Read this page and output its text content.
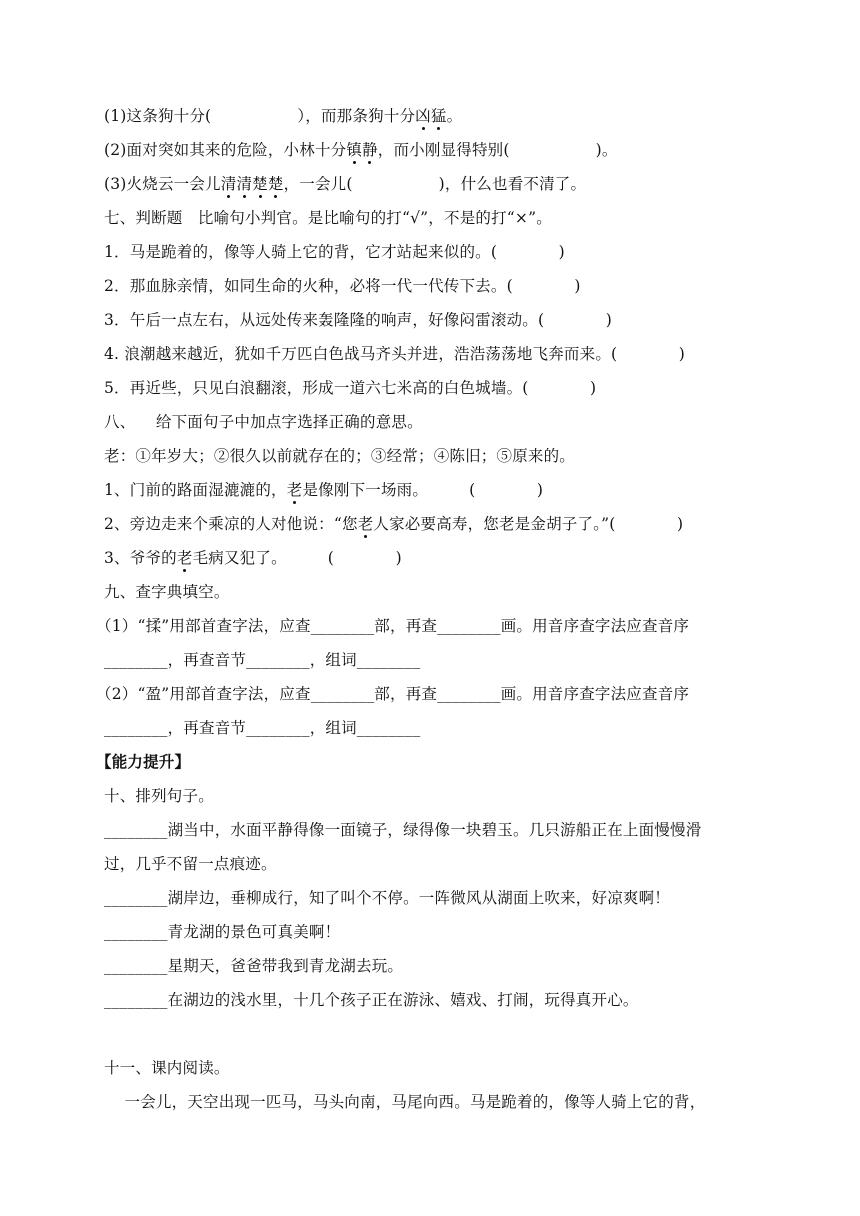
(1)这条狗十分(	），而那条狗十分凶猛。
(2)面对突如其来的危险，小林十分镇静，而小刚显得特别(	)。
(3)火烧云一会儿清清楚楚，一会儿(	)，什么也看不清了。
七、判断题   比喻句小判官。是比喻句的打“√”，不是的打“×”。
1．马是跪着的，像等人骑上它的背，它才站起来似的。(            )
2．那血脉亲情，如同生命的火种，必将一代一代传下去。(            )
3．午后一点左右，从远处传来轰隆隆的响声，好像闷雷滚动。(            )
4. 浪潮越来越近，犹如千万匹白色战马齐头并进，浩浩荡荡地飞奔而来。(            )
5．再近些，只见白浪翻滚，形成一道六七米高的白色城墙。(            )
八、    给下面句子中加点字选择正确的意思。
老：①年岁大；②很久以前就存在的；③经常；④陈旧；⑤原来的。
1、门前的路面湿漉漉的，老是像刚下一场雨。        (            )
2、旁边走来个乘凉的人对他说：“您老人家必要高寿，您老是金胡子了。”(            )
3、爷爷的老毛病又犯了。        (            )
九、查字典填空。
（1）“揉”用部首查字法，应查________部，再查________画。用音序查字法应查音序
________，再查音节________，组词________
（2）“盈”用部首查字法，应查________部，再查________画。用音序查字法应查音序
________，再查音节________，组词________
【能力提升】
十、排列句子。
________湖当中，水面平静得像一面镜子，绿得像一块碧玉。几只游船正在上面慢慢滑
过，几乎不留一点痕迹。
________湖岸边，垂柳成行，知了叫个不停。一阵微风从湖面上吹来，好凉爽啊！
________青龙湖的景色可真美啊！
________星期天，爸爸带我到青龙湖去玩。
________在湖边的浅水里，十几个孩子正在游泳、嬉戏、打闹，玩得真开心。
十一、课内阅读。
一会儿，天空出现一匹马，马头向南，马尾向西。马是跪着的，像等人骑上它的背，
